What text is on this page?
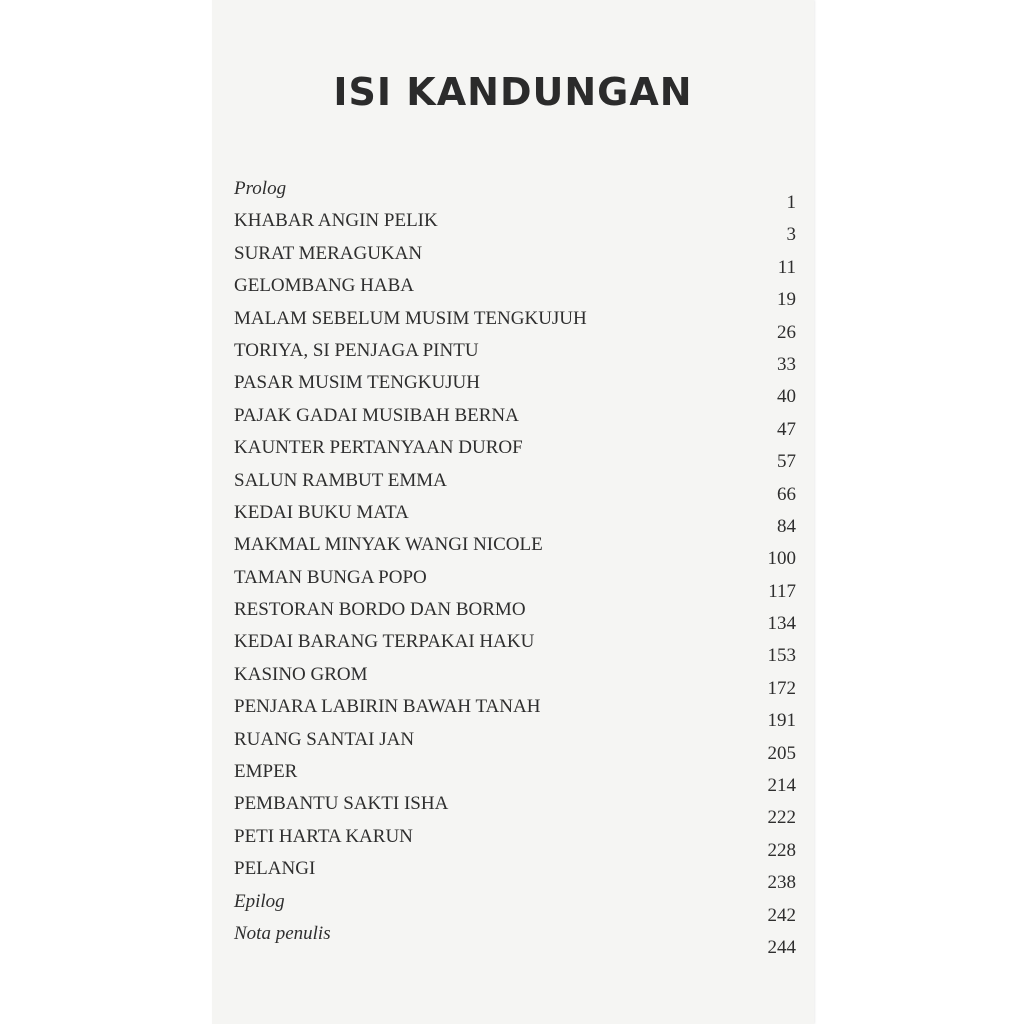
ISI KANDUNGAN
Prolog
1
KHABAR ANGIN PELIK
3
SURAT MERAGUKAN
11
GELOMBANG HABA
19
MALAM SEBELUM MUSIM TENGKUJUH
26
TORIYA, SI PENJAGA PINTU
33
PASAR MUSIM TENGKUJUH
40
PAJAK GADAI MUSIBAH BERNA
47
KAUNTER PERTANYAAN DUROF
57
SALUN RAMBUT EMMA
66
KEDAI BUKU MATA
84
MAKMAL MINYAK WANGI NICOLE
100
TAMAN BUNGA POPO
117
RESTORAN BORDO DAN BORMO
134
KEDAI BARANG TERPAKAI HAKU
153
KASINO GROM
172
PENJARA LABIRIN BAWAH TANAH
191
RUANG SANTAI JAN
205
EMPER
214
PEMBANTU SAKTI ISHA
222
PETI HARTA KARUN
228
PELANGI
238
Epilog
242
Nota penulis
244
